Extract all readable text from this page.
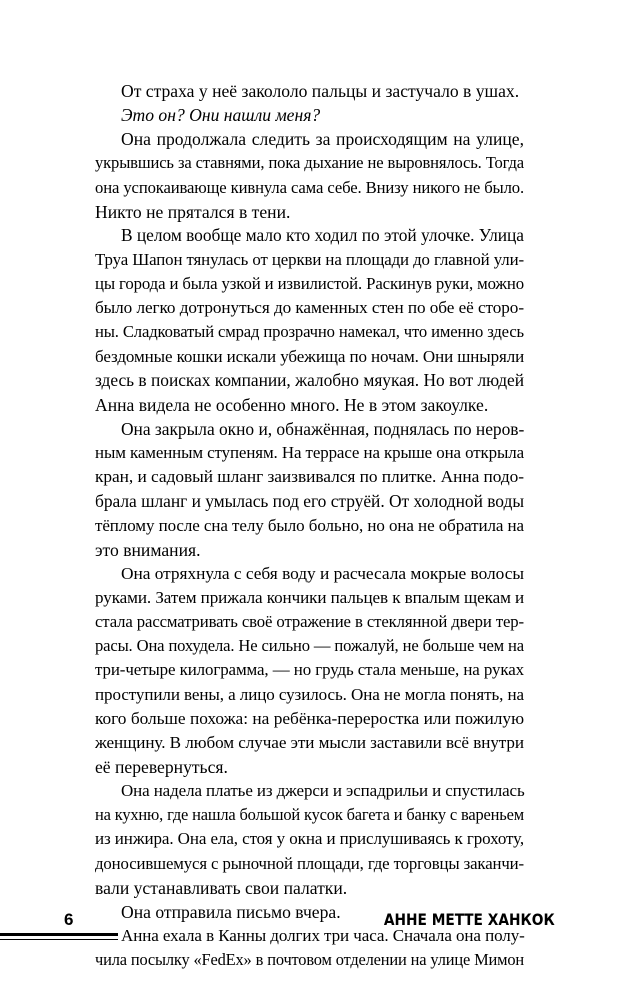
От страха у неё закололо пальцы и застучало в ушах.
Это он? Они нашли меня?
Она продолжала следить за происходящим на улице,
укрывшись за ставнями, пока дыхание не выровнялось. Тогда
она успокаивающе кивнула сама себе. Внизу никого не было.
Никто не прятался в тени.
В целом вообще мало кто ходил по этой улочке. Улица
Труа Шапон тянулась от церкви на площади до главной ули-
цы города и была узкой и извилистой. Раскинув руки, можно
было легко дотронуться до каменных стен по обе её сторо-
ны. Сладковатый смрад прозрачно намекал, что именно здесь
бездомные кошки искали убежища по ночам. Они шныряли
здесь в поисках компании, жалобно мяукая. Но вот людей
Анна видела не особенно много. Не в этом закоулке.
Она закрыла окно и, обнажённая, поднялась по неров-
ным каменным ступеням. На террасе на крыше она открыла
кран, и садовый шланг заизвивался по плитке. Анна подо-
брала шланг и умылась под его струёй. От холодной воды
тёплому после сна телу было больно, но она не обратила на
это внимания.
Она отряхнула с себя воду и расчесала мокрые волосы
руками. Затем прижала кончики пальцев к впалым щекам и
стала рассматривать своё отражение в стеклянной двери тер-
расы. Она похудела. Не сильно — пожалуй, не больше чем на
три-четыре килограмма, — но грудь стала меньше, на руках
проступили вены, а лицо сузилось. Она не могла понять, на
кого больше похожа: на ребёнка-переростка или пожилую
женщину. В любом случае эти мысли заставили всё внутри
её перевернуться.
Она надела платье из джерси и эспадрильи и спустилась
на кухню, где нашла большой кусок багета и банку с вареньем
из инжира. Она ела, стоя у окна и прислушиваясь к грохоту,
доносившемуся с рыночной площади, где торговцы заканчи-
вали устанавливать свои палатки.
Она отправила письмо вчера.
Анна ехала в Канны долгих три часа. Сначала она полу-
чила посылку «FedEx» в почтовом отделении на улице Мимон
6	АННЕ МЕТТЕ ХАНКОК
